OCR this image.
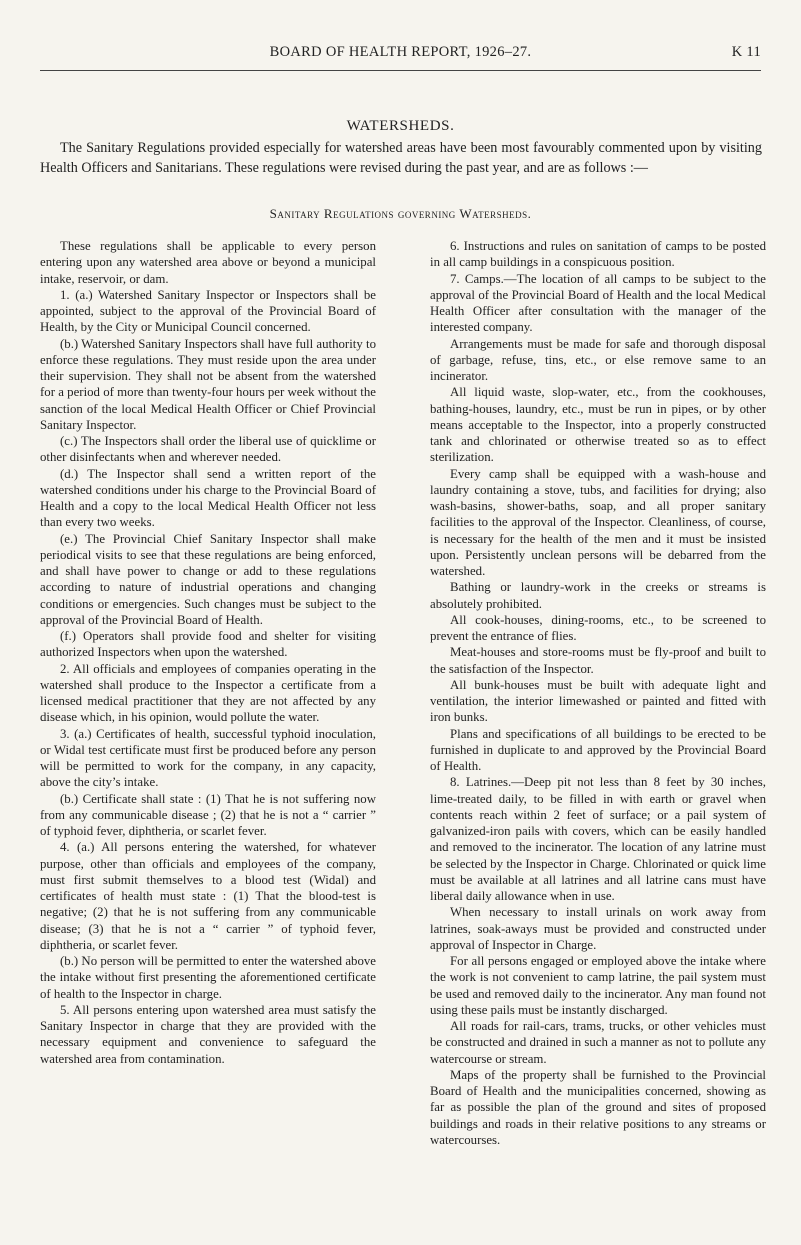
BOARD OF HEALTH REPORT, 1926–27.	K 11
WATERSHEDS.

The Sanitary Regulations provided especially for watershed areas have been most favourably commented upon by visiting Health Officers and Sanitarians. These regulations were revised during the past year, and are as follows :—

Sanitary Regulations governing Watersheds.

These regulations shall be applicable to every person entering upon any watershed area above or beyond a municipal intake, reservoir, or dam.

1. (a.) Watershed Sanitary Inspector or Inspectors shall be appointed, subject to the approval of the Provincial Board of Health, by the City or Municipal Council concerned.

(b.) Watershed Sanitary Inspectors shall have full authority to enforce these regulations. They must reside upon the area under their supervision. They shall not be absent from the watershed for a period of more than twenty-four hours per week without the sanction of the local Medical Health Officer or Chief Provincial Sanitary Inspector.

(c.) The Inspectors shall order the liberal use of quicklime or other disinfectants when and wherever needed.

(d.) The Inspector shall send a written report of the watershed conditions under his charge to the Provincial Board of Health and a copy to the local Medical Health Officer not less than every two weeks.

(e.) The Provincial Chief Sanitary Inspector shall make periodical visits to see that these regulations are being enforced, and shall have power to change or add to these regulations according to nature of industrial operations and changing conditions or emergencies. Such changes must be subject to the approval of the Provincial Board of Health.

(f.) Operators shall provide food and shelter for visiting authorized Inspectors when upon the watershed.

2. All officials and employees of companies operating in the watershed shall produce to the Inspector a certificate from a licensed medical practitioner that they are not affected by any disease which, in his opinion, would pollute the water.

3. (a.) Certificates of health, successful typhoid inoculation, or Widal test certificate must first be produced before any person will be permitted to work for the company, in any capacity, above the city’s intake.

(b.) Certificate shall state : (1) That he is not suffering now from any communicable disease ; (2) that he is not a “ carrier ” of typhoid fever, diphtheria, or scarlet fever.

4. (a.) All persons entering the watershed, for whatever purpose, other than officials and employees of the company, must first submit themselves to a blood test (Widal) and certificates of health must state : (1) That the blood-test is negative; (2) that he is not suffering from any communicable disease; (3) that he is not a “ carrier ” of typhoid fever, diphtheria, or scarlet fever.

(b.) No person will be permitted to enter the watershed above the intake without first presenting the aforementioned certificate of health to the Inspector in charge.

5. All persons entering upon watershed area must satisfy the Sanitary Inspector in charge that they are provided with the necessary equipment and convenience to safeguard the watershed area from contamination.

6. Instructions and rules on sanitation of camps to be posted in all camp buildings in a conspicuous position.

7. Camps.—The location of all camps to be subject to the approval of the Provincial Board of Health and the local Medical Health Officer after consultation with the manager of the interested company.

Arrangements must be made for safe and thorough disposal of garbage, refuse, tins, etc., or else remove same to an incinerator.

All liquid waste, slop-water, etc., from the cookhouses, bathing-houses, laundry, etc., must be run in pipes, or by other means acceptable to the Inspector, into a properly constructed tank and chlorinated or otherwise treated so as to effect sterilization.

Every camp shall be equipped with a wash-house and laundry containing a stove, tubs, and facilities for drying; also wash-basins, shower-baths, soap, and all proper sanitary facilities to the approval of the Inspector. Cleanliness, of course, is necessary for the health of the men and it must be insisted upon. Persistently unclean persons will be debarred from the watershed.

Bathing or laundry-work in the creeks or streams is absolutely prohibited.

All cook-houses, dining-rooms, etc., to be screened to prevent the entrance of flies.

Meat-houses and store-rooms must be fly-proof and built to the satisfaction of the Inspector.

All bunk-houses must be built with adequate light and ventilation, the interior limewashed or painted and fitted with iron bunks.

Plans and specifications of all buildings to be erected to be furnished in duplicate to and approved by the Provincial Board of Health.

8. Latrines.—Deep pit not less than 8 feet by 30 inches, lime-treated daily, to be filled in with earth or gravel when contents reach within 2 feet of surface; or a pail system of galvanized-iron pails with covers, which can be easily handled and removed to the incinerator. The location of any latrine must be selected by the Inspector in Charge. Chlorinated or quick lime must be available at all latrines and all latrine cans must have liberal daily allowance when in use.

When necessary to install urinals on work away from latrines, soak-aways must be provided and constructed under approval of Inspector in Charge.

For all persons engaged or employed above the intake where the work is not convenient to camp latrine, the pail system must be used and removed daily to the incinerator. Any man found not using these pails must be instantly discharged.

All roads for rail-cars, trams, trucks, or other vehicles must be constructed and drained in such a manner as not to pollute any watercourse or stream.

Maps of the property shall be furnished to the Provincial Board of Health and the municipalities concerned, showing as far as possible the plan of the ground and sites of proposed buildings and roads in their relative positions to any streams or watercourses.
